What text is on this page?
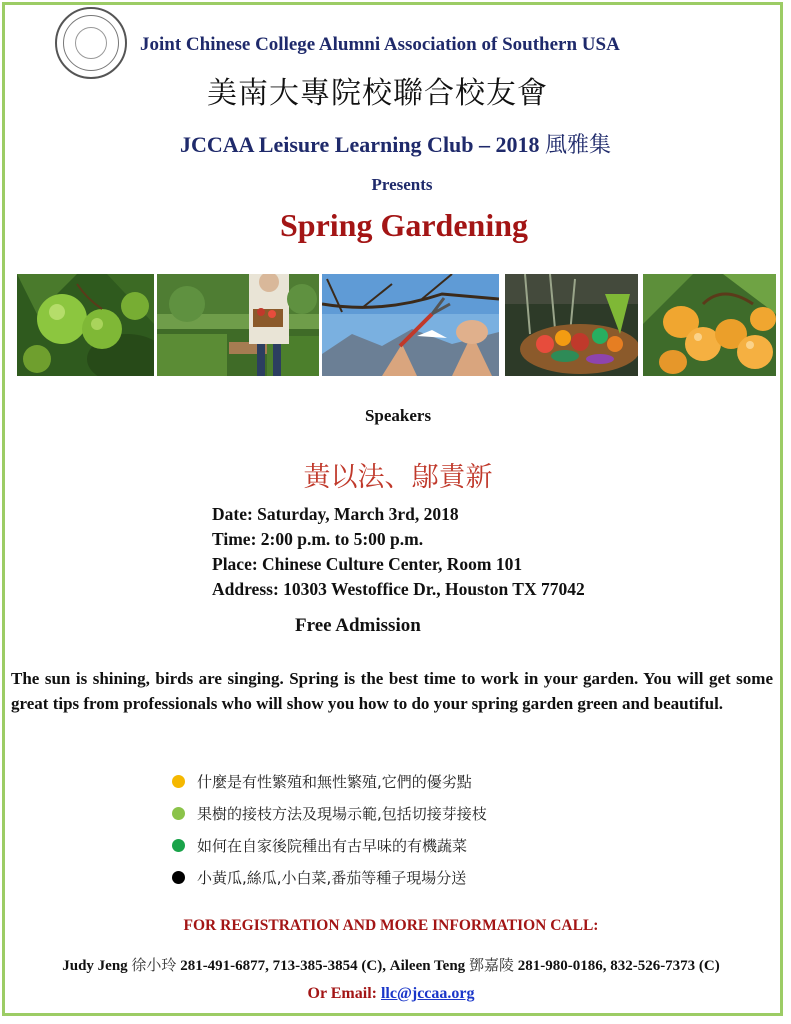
Joint Chinese College Alumni Association of Southern USA
美南大專院校聯合校友會
JCCAA Leisure Learning Club – 2018 風雅集
Presents
Spring Gardening
Speakers
黃以法、鄔責新
Date: Saturday, March 3rd, 2018
Time: 2:00 p.m. to 5:00 p.m.
Place: Chinese Culture Center, Room 101
Address: 10303 Westoffice Dr., Houston TX 77042
Free Admission
The sun is shining, birds are singing. Spring is the best time to work in your garden. You will get some great tips from professionals who will show you how to do your spring garden green and beautiful.
什麼是有性繁殖和無性繁殖,它們的優劣點
果樹的接枝方法及現場示範,包括切接芽接枝
如何在自家後院種出有古早味的有機蔬菜
小黃瓜,絲瓜,小白菜,番茄等種子現場分送
FOR REGISTRATION AND MORE INFORMATION CALL:
Judy Jeng 徐小玲 281-491-6877, 713-385-3854 (C), Aileen Teng 鄧嘉陵 281-980-0186, 832-526-7373 (C)
Or Email: llc@jccaa.org
